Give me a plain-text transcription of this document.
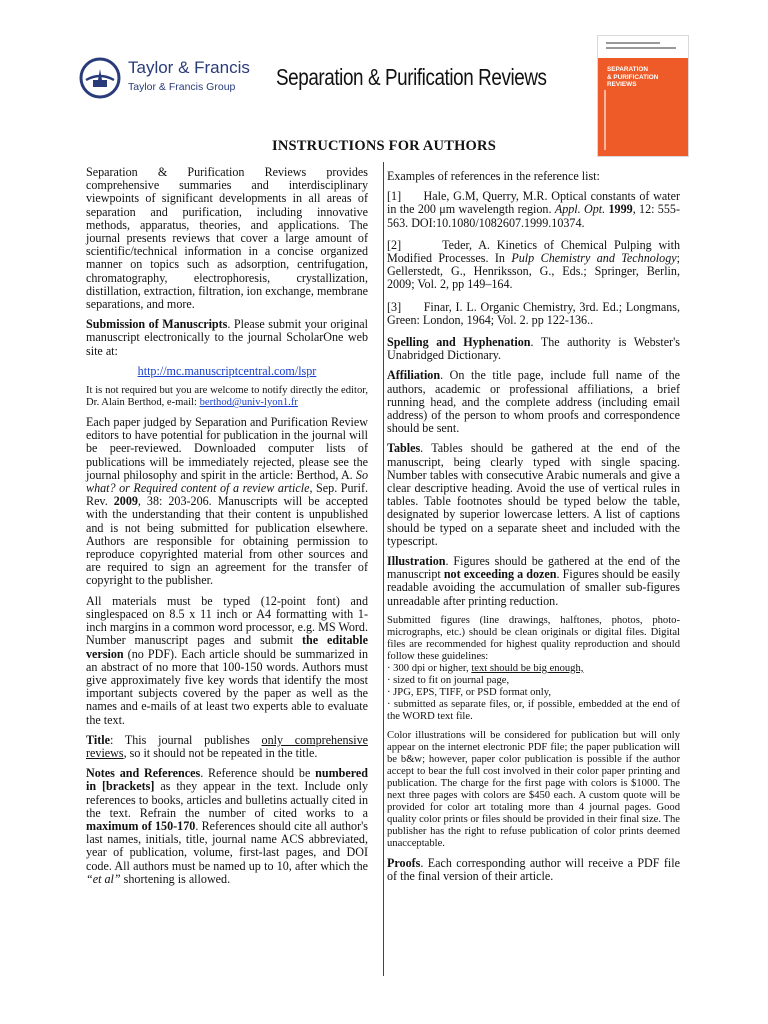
Taylor & Francis
Taylor & Francis Group Separation & Purification Reviews	SEPARATION
& PURIFICATION
REVIEWS
INSTRUCTIONS FOR AUTHORS

Separation & Purification Reviews provides comprehensive summaries and interdisciplinary viewpoints of significant developments in all areas of separation and purification, including innovative methods, apparatus, theories, and applications. The journal presents reviews that cover a large amount of scientific/technical information in a concise organized manner on topics such as adsorption, centrifugation, chromatography, electrophoresis, crystallization, distillation, extraction, filtration, ion exchange, membrane separations, and more.

Submission of Manuscripts. Please submit your original manuscript electronically to the journal ScholarOne web site at:

http://mc.manuscriptcentral.com/lspr

It is not required but you are welcome to notify directly the editor, Dr. Alain Berthod, e-mail: berthod@univ-lyon1.fr

Each paper judged by Separation and Purification Review editors to have potential for publication in the journal will be peer-reviewed. Downloaded computer lists of publications will be immediately rejected, please see the journal philosophy and spirit in the article: Berthod, A. So what? or Required content of a review article, Sep. Purif. Rev. 2009, 38: 203-206. Manuscripts will be accepted with the understanding that their content is unpublished and is not being submitted for publication elsewhere. Authors are responsible for obtaining permission to reproduce copyrighted material from other sources and are required to sign an agreement for the transfer of copyright to the publisher.

All materials must be typed (12-point font) and singlespaced on 8.5 x 11 inch or A4 formatting with 1-inch margins in a common word processor, e.g. MS Word. Number manuscript pages and submit the editable version (no PDF). Each article should be summarized in an abstract of no more that 100-150 words. Authors must give approximately five key words that identify the most important subjects covered by the paper as well as the names and e-mails of at least two experts able to evaluate the text.

Title: This journal publishes only comprehensive reviews, so it should not be repeated in the title.

Notes and References. Reference should be numbered in [brackets] as they appear in the text. Include only references to books, articles and bulletins actually cited in the text. Refrain the number of cited works to a maximum of 150-170. References should cite all author's last names, initials, title, journal name ACS abbreviated, year of publication, volume, first-last pages, and DOI code. All authors must be named up to 10, after which the “et al” shortening is allowed.

Examples of references in the reference list:

[1]      Hale, G.M, Querry, M.R. Optical constants of water in the 200 μm wavelength region. Appl. Opt. 1999, 12: 555-563. DOI:10.1080/1082607.1999.10374.

[2]      Teder, A. Kinetics of Chemical Pulping with Modified Processes. In Pulp Chemistry and Technology; Gellerstedt, G., Henriksson, G., Eds.; Springer, Berlin, 2009; Vol. 2, pp 149–164.

[3]      Finar, I. L. Organic Chemistry, 3rd. Ed.; Longmans, Green: London, 1964; Vol. 2. pp 122-136..

Spelling and Hyphenation. The authority is Webster's Unabridged Dictionary.

Affiliation. On the title page, include full name of the authors, academic or professional affiliations, a brief running head, and the complete address (including email address) of the person to whom proofs and correspondence should be sent.

Tables. Tables should be gathered at the end of the manuscript, being clearly typed with single spacing. Number tables with consecutive Arabic numerals and give a clear descriptive heading. Avoid the use of vertical rules in tables. Table footnotes should be typed below the table, designated by superior lowercase letters. A list of captions should be typed on a separate sheet and included with the typescript.

Illustration. Figures should be gathered at the end of the manuscript not exceeding a dozen. Figures should be easily readable avoiding the accumulation of smaller sub-figures unreadable after printing reduction.

Submitted figures (line drawings, halftones, photos, photo-micrographs, etc.) should be clean originals or digital files. Digital files are recommended for highest quality reproduction and should follow these guidelines:
· 300 dpi or higher, text should be big enough,
· sized to fit on journal page,
· JPG, EPS, TIFF, or PSD format only,
· submitted as separate files, or, if possible, embedded at the end of the WORD text file.

Color illustrations will be considered for publication but will only appear on the internet electronic PDF file; the paper publication will be b&w; however, paper color publication is possible if the author accept to bear the full cost involved in their color paper printing and publication. The charge for the first page with colors is $1000. The next three pages with colors are $450 each. A custom quote will be provided for color art totaling more than 4 journal pages. Good quality color prints or files should be provided in their final size. The publisher has the right to refuse publication of color prints deemed unacceptable.

Proofs. Each corresponding author will receive a PDF file of the final version of their article.
